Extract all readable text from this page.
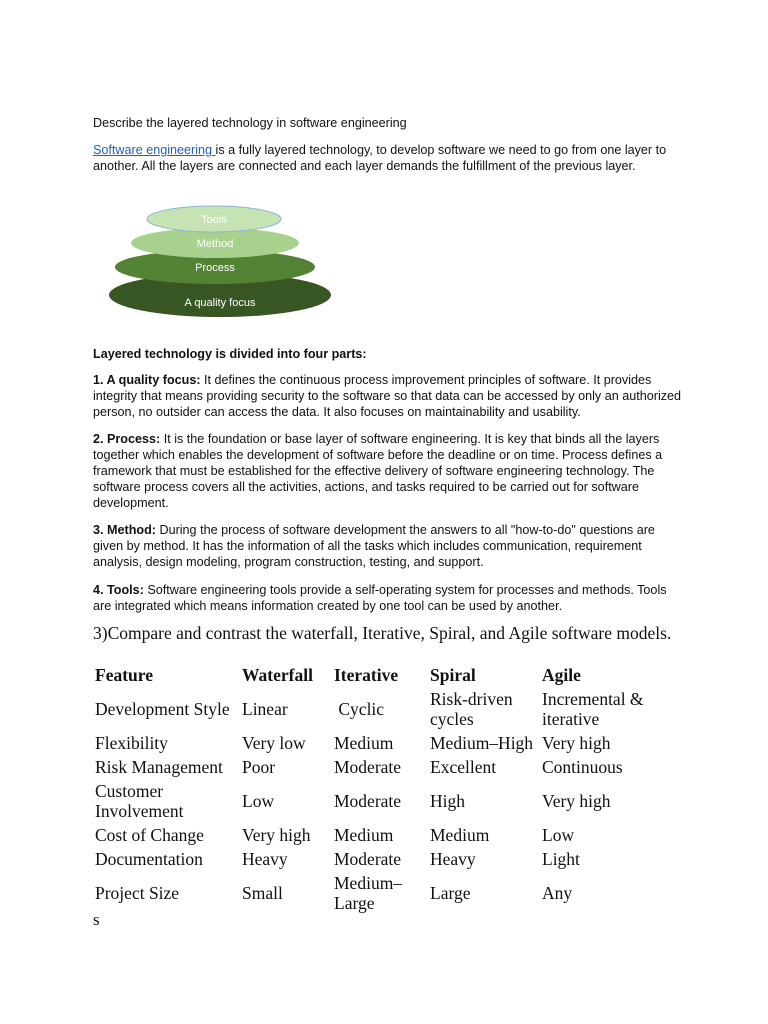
Describe the layered technology in software engineering
Software engineering is a fully layered technology, to develop software we need to go from one layer to another. All the layers are connected and each layer demands the fulfillment of the previous layer.
A quality focus
Process
Method
Tools
Layered technology is divided into four parts:
1. A quality focus: It defines the continuous process improvement principles of software. It provides integrity that means providing security to the software so that data can be accessed by only an authorized person, no outsider can access the data. It also focuses on maintainability and usability.
2. Process: It is the foundation or base layer of software engineering. It is key that binds all the layers together which enables the development of software before the deadline or on time. Process defines a framework that must be established for the effective delivery of software engineering technology. The software process covers all the activities, actions, and tasks required to be carried out for software development.
3. Method: During the process of software development the answers to all "how-to-do" questions are given by method. It has the information of all the tasks which includes communication, requirement analysis, design modeling, program construction, testing, and support.
4. Tools: Software engineering tools provide a self-operating system for processes and methods. Tools are integrated which means information created by one tool can be used by another.
3)Compare and contrast the waterfall, Iterative, Spiral, and Agile software models.
Feature	Waterfall	Iterative	Spiral	Agile
Development Style	Linear	Cyclic	Risk-driven cycles	Incremental & iterative
Flexibility	Very low	Medium	Medium–High	Very high
Risk Management	Poor	Moderate	Excellent	Continuous
Customer Involvement	Low	Moderate	High	Very high
Cost of Change	Very high	Medium	Medium	Low
Documentation	Heavy	Moderate	Heavy	Light
Project Size	Small	Medium–Large	Large	Any
s
